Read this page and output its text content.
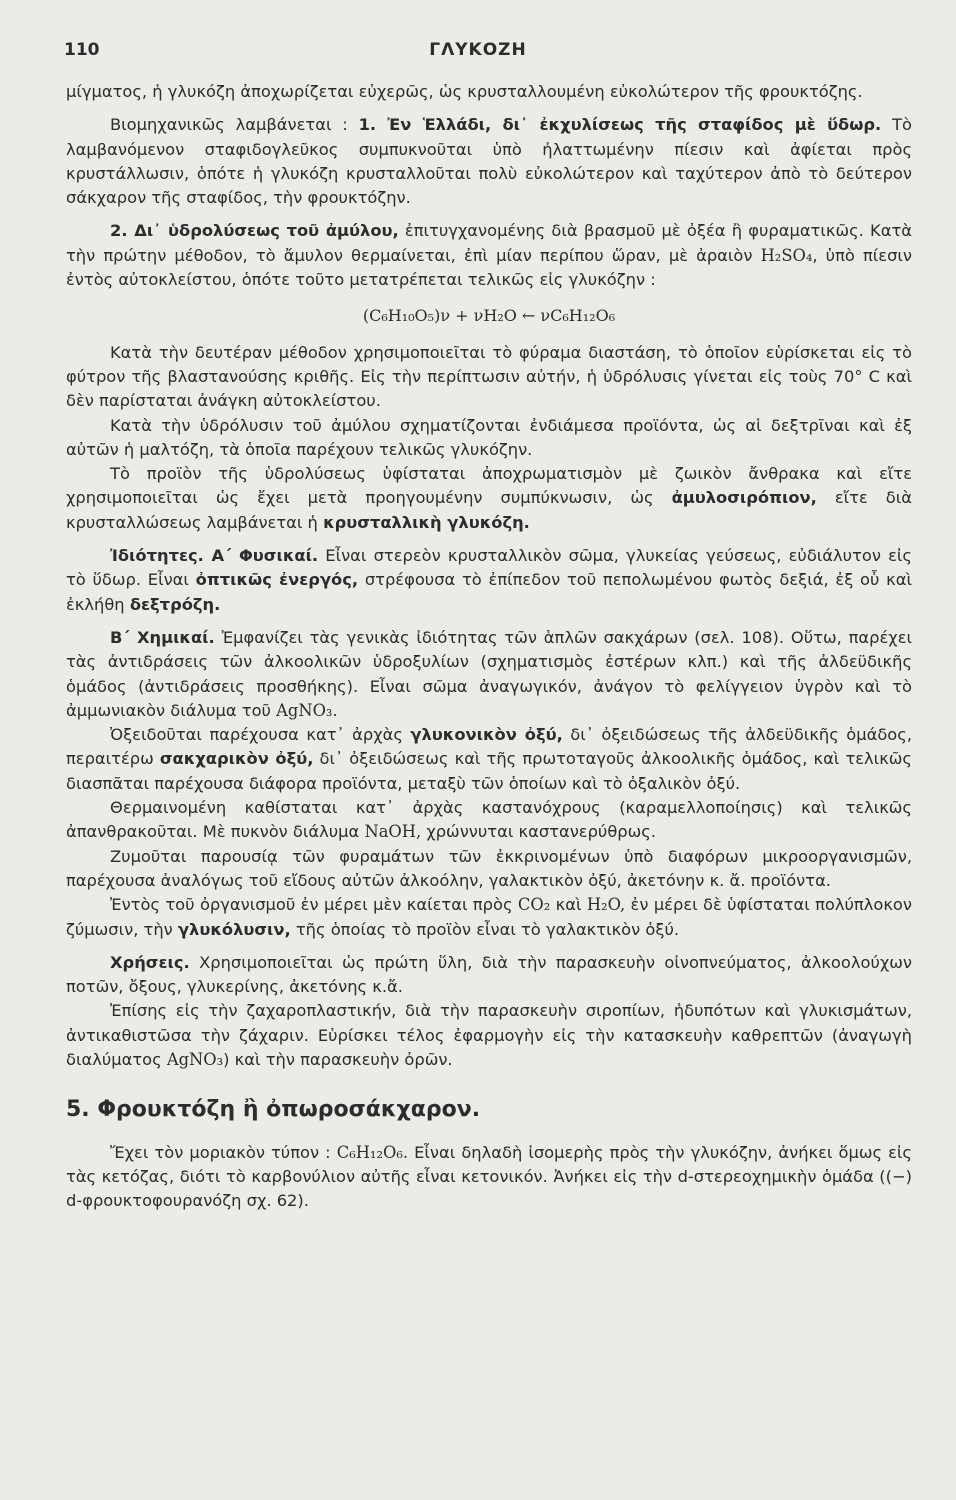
110	ΓΛΥΚΟΖΗ

μίγματος, ἡ γλυκόζη ἀποχωρίζεται εὐχερῶς, ὡς κρυσταλλουμένη εὐκολώτερον τῆς φρουκτόζης.

Βιομηχανικῶς λαμβάνεται : 1. Ἐν Ἑλλάδι, δι᾽ ἐκχυλίσεως τῆς σταφίδος μὲ ὕδωρ. Τὸ λαμβανόμενον σταφιδογλεῦκος συμπυκνοῦται ὑπὸ ἠλαττωμένην πίεσιν καὶ ἀφίεται πρὸς κρυστάλλωσιν, ὁπότε ἡ γλυκόζη κρυσταλλοῦται πολὺ εὐκολώτερον καὶ ταχύτερον ἀπὸ τὸ δεύτερον σάκχαρον τῆς σταφίδος, τὴν φρουκτόζην.

2. Δι᾽ ὑδρολύσεως τοῦ ἀμύλου, ἐπιτυγχανομένης διὰ βρασμοῦ μὲ ὀξέα ἢ φυραματικῶς. Κατὰ τὴν πρώτην μέθοδον, τὸ ἄμυλον θερμαίνεται, ἐπὶ μίαν περίπου ὥραν, μὲ ἀραιὸν H₂SO₄, ὑπὸ πίεσιν ἐντὸς αὐτοκλείστου, ὁπότε τοῦτο μετατρέπεται τελικῶς εἰς γλυκόζην :

(C₆H₁₀O₅)ν + νH₂O ← νC₆H₁₂O₆

Κατὰ τὴν δευτέραν μέθοδον χρησιμοποιεῖται τὸ φύραμα διαστάση, τὸ ὁποῖον εὑρίσκεται εἰς τὸ φύτρον τῆς βλαστανούσης κριθῆς. Εἰς τὴν περίπτωσιν αὐτήν, ἡ ὑδρόλυσις γίνεται εἰς τοὺς 70° C καὶ δὲν παρίσταται ἀνάγκη αὐτοκλείστου.

Κατὰ τὴν ὑδρόλυσιν τοῦ ἀμύλου σχηματίζονται ἐνδιάμεσα προϊόντα, ὡς αἱ δεξτρῖναι καὶ ἐξ αὐτῶν ἡ μαλτόζη, τὰ ὁποῖα παρέχουν τελικῶς γλυκόζην.

Τὸ προϊὸν τῆς ὑδρολύσεως ὑφίσταται ἀποχρωματισμὸν μὲ ζωικὸν ἄνθρακα καὶ εἴτε χρησιμοποιεῖται ὡς ἔχει μετὰ προηγουμένην συμπύκνωσιν, ὡς ἀμυλοσιρόπιον, εἴτε διὰ κρυσταλλώσεως λαμβάνεται ἡ κρυσταλλικὴ γλυκόζη.

Ἰδιότητες. Α΄ Φυσικαί. Εἶναι στερεὸν κρυσταλλικὸν σῶμα, γλυκείας γεύσεως, εὐδιάλυτον εἰς τὸ ὕδωρ. Εἶναι ὀπτικῶς ἐνεργός, στρέφουσα τὸ ἐπίπεδον τοῦ πεπολωμένου φωτὸς δεξιά, ἐξ οὗ καὶ ἐκλήθη δεξτρόζη.

Β΄ Χημικαί. Ἐμφανίζει τὰς γενικὰς ἰδιότητας τῶν ἁπλῶν σακχάρων (σελ. 108). Οὕτω, παρέχει τὰς ἀντιδράσεις τῶν ἀλκοολικῶν ὑδροξυλίων (σχηματισμὸς ἐστέρων κλπ.) καὶ τῆς ἀλδεϋδικῆς ὁμάδος (ἀντιδράσεις προσθήκης). Εἶναι σῶμα ἀναγωγικόν, ἀνάγον τὸ φελίγγειον ὑγρὸν καὶ τὸ ἀμμωνιακὸν διάλυμα τοῦ AgNO₃.

Ὀξειδοῦται παρέχουσα κατ᾽ ἀρχὰς γλυκονικὸν ὀξύ, δι᾽ ὀξειδώσεως τῆς ἀλδεϋδικῆς ὁμάδος, περαιτέρω σακχαρικὸν ὀξύ, δι᾽ ὀξειδώσεως καὶ τῆς πρωτοταγοῦς ἀλκοολικῆς ὁμάδος, καὶ τελικῶς διασπᾶται παρέχουσα διάφορα προϊόντα, μεταξὺ τῶν ὁποίων καὶ τὸ ὀξαλικὸν ὀξύ.

Θερμαινομένη καθίσταται κατ᾽ ἀρχὰς καστανόχρους (καραμελλοποίησις) καὶ τελικῶς ἀπανθρακοῦται. Μὲ πυκνὸν διάλυμα NaOH, χρώννυται καστανερύθρως.

Ζυμοῦται παρουσίᾳ τῶν φυραμάτων τῶν ἐκκρινομένων ὑπὸ διαφόρων μικροοργανισμῶν, παρέχουσα ἀναλόγως τοῦ εἴδους αὐτῶν ἀλκοόλην, γαλακτικὸν ὀξύ, ἀκετόνην κ. ἄ. προϊόντα.

Ἐντὸς τοῦ ὀργανισμοῦ ἐν μέρει μὲν καίεται πρὸς CO₂ καὶ H₂O, ἐν μέρει δὲ ὑφίσταται πολύπλοκον ζύμωσιν, τὴν γλυκόλυσιν, τῆς ὁποίας τὸ προϊὸν εἶναι τὸ γαλακτικὸν ὀξύ.

Χρήσεις. Χρησιμοποιεῖται ὡς πρώτη ὕλη, διὰ τὴν παρασκευὴν οἰνοπνεύματος, ἀλκοολούχων ποτῶν, ὄξους, γλυκερίνης, ἀκετόνης κ.ἄ.

Ἐπίσης εἰς τὴν ζαχαροπλαστικήν, διὰ τὴν παρασκευὴν σιροπίων, ἡδυπότων καὶ γλυκισμάτων, ἀντικαθιστῶσα τὴν ζάχαριν. Εὑρίσκει τέλος ἐφαρμογὴν εἰς τὴν κατασκευὴν καθρεπτῶν (ἀναγωγὴ διαλύματος AgNO₃) καὶ τὴν παρασκευὴν ὀρῶν.

5. Φρουκτόζη ἢ ὀπωροσάκχαρον.

Ἔχει τὸν μοριακὸν τύπον : C₆H₁₂O₆. Εἶναι δηλαδὴ ἰσομερὴς πρὸς τὴν γλυκόζην, ἀνήκει ὅμως εἰς τὰς κετόζας, διότι τὸ καρβονύλιον αὐτῆς εἶναι κετονικόν. Ἀνήκει εἰς τὴν d-στερεοχημικὴν ὁμάδα ((−) d-φρουκτοφουρανόζη σχ. 62).
